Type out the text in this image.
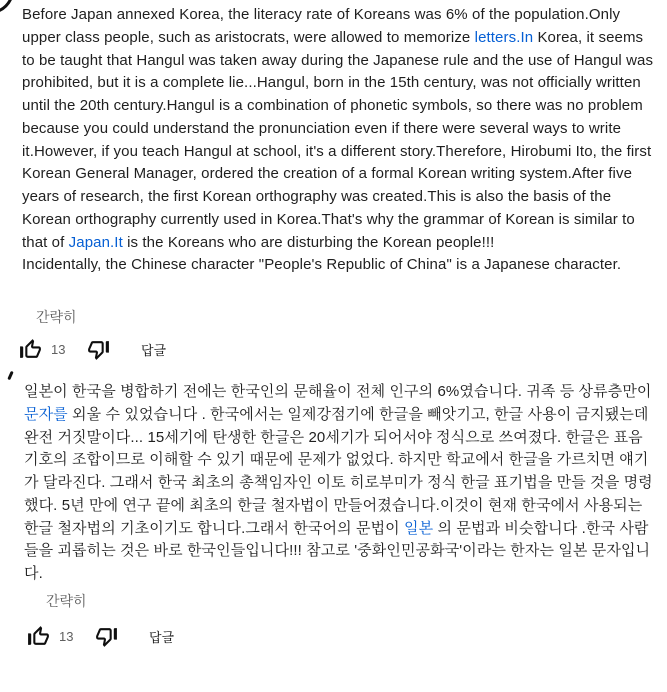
Before Japan annexed Korea, the literacy rate of Koreans was 6% of the population.Only upper class people, such as aristocrats, were allowed to memorize letters.In Korea, it seems to be taught that Hangul was taken away during the Japanese rule and the use of Hangul was prohibited, but it is a complete lie...Hangul, born in the 15th century, was not officially written until the 20th century.Hangul is a combination of phonetic symbols, so there was no problem because you could understand the pronunciation even if there were several ways to write it.However, if you teach Hangul at school, it's a different story.Therefore, Hirobumi Ito, the first Korean General Manager, ordered the creation of a formal Korean writing system.After five years of research, the first Korean orthography was created.This is also the basis of the Korean orthography currently used in Korea.That's why the grammar of Korean is similar to that of Japan.It is the Koreans who are disturbing the Korean people!!!
Incidentally, the Chinese character "People's Republic of China" is a Japanese character.

간략히
13	답글

일본이 한국을 병합하기 전에는 한국인의 문해율이 전체 인구의 6%였습니다. 귀족 등 상류층만이 문자를 외울 수 있었습니다 . 한국에서는 일제강점기에 한글을 빼앗기고, 한글 사용이 금지됐는데 완전 거짓말이다... 15세기에 탄생한 한글은 20세기가 되어서야 정식으로 쓰여졌다. 한글은 표음 기호의 조합이므로 이해할 수 있기 때문에 문제가 없었다. 하지만 학교에서 한글을 가르치면 얘기가 달라진다. 그래서 한국 최초의 총책임자인 이토 히로부미가 정식 한글 표기법을 만들 것을 명령했다. 5년 만에 연구 끝에 최초의 한글 철자법이 만들어졌습니다.이것이 현재 한국에서 사용되는 한글 철자법의 기초이기도 합니다.그래서 한국어의 문법이 일본 의 문법과 비슷합니다 .한국 사람들을 괴롭히는 것은 바로 한국인들입니다!!! 참고로 '중화인민공화국'이라는 한자는 일본 문자입니다.

간략히
13	답글
